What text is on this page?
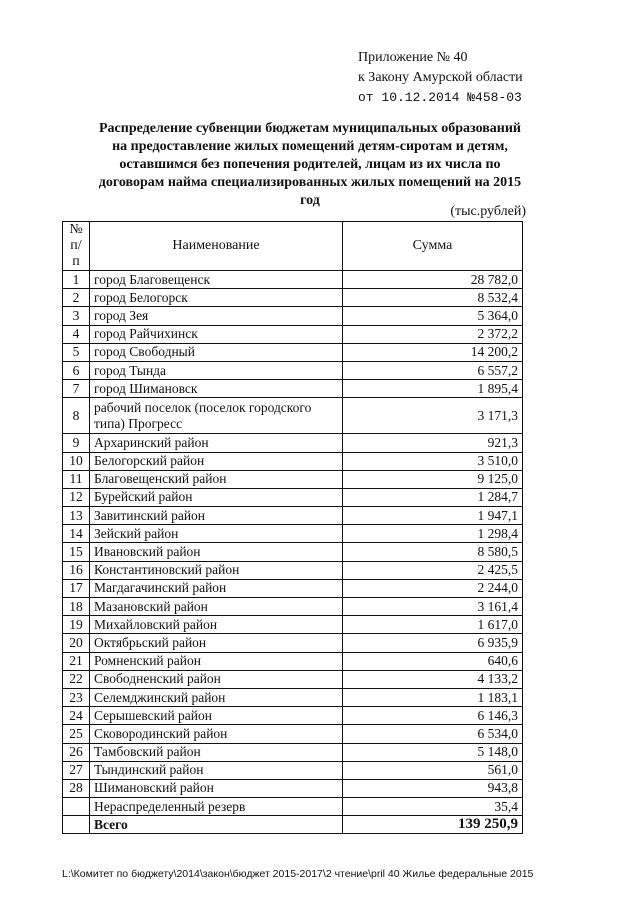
Приложение № 40
к Закону Амурской области
от 10.12.2014 №458-03
Распределение субвенции бюджетам муниципальных образований
на предоставление жилых помещений детям-сиротам и детям,
оставшимся без попечения родителей, лицам из их числа по
договорам найма специализированных жилых помещений на 2015
год
(тыс.рублей)
№ п/п	Наименование	Сумма
1	город Благовещенск	28 782,0
2	город Белогорск	8 532,4
3	город Зея	5 364,0
4	город Райчихинск	2 372,2
5	город Свободный	14 200,2
6	город Тында	6 557,2
7	город Шимановск	1 895,4
8	рабочий поселок (поселок городского типа) Прогресс	3 171,3
9	Архаринский район	921,3
10	Белогорский район	3 510,0
11	Благовещенский район	9 125,0
12	Бурейский район	1 284,7
13	Завитинский район	1 947,1
14	Зейский район	1 298,4
15	Ивановский район	8 580,5
16	Константиновский район	2 425,5
17	Магдагачинский район	2 244,0
18	Мазановский район	3 161,4
19	Михайловский район	1 617,0
20	Октябрьский район	6 935,9
21	Ромненский район	640,6
22	Свободненский район	4 133,2
23	Селемджинский район	1 183,1
24	Серышевский район	6 146,3
25	Сковородинский район	6 534,0
26	Тамбовский район	5 148,0
27	Тындинский район	561,0
28	Шимановский район	943,8
	Нераспределенный резерв	35,4
	Всего	139 250,9
L:\Комитет по бюджету\2014\закон\бюджет 2015-2017\2 чтение\pril 40 Жилье федеральные 2015
